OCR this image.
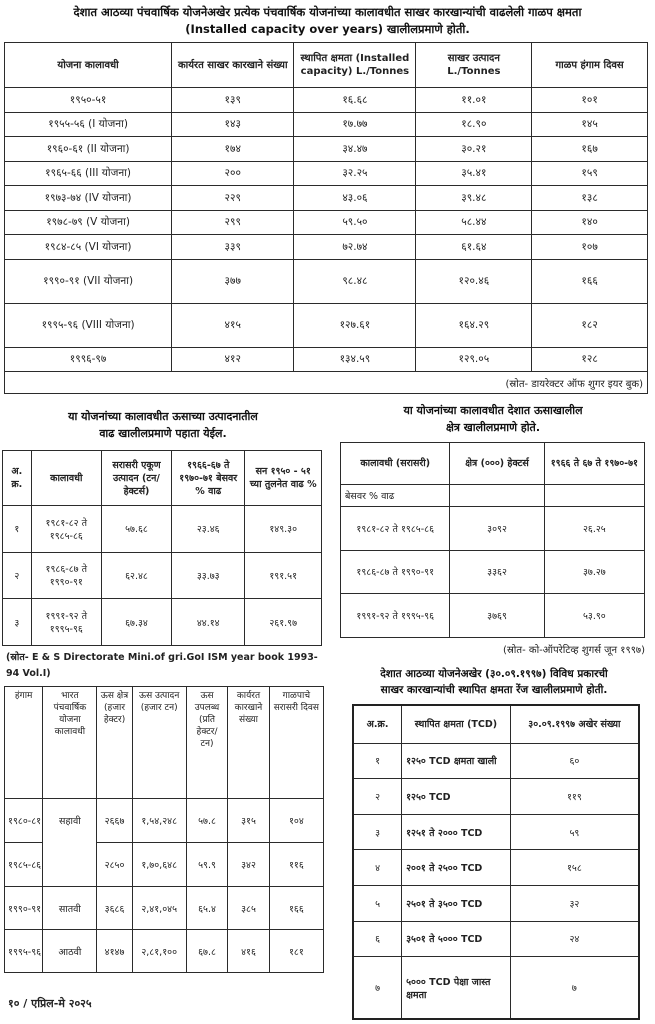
देशात आठव्या पंचवार्षिक योजनेअखेर प्रत्येक पंचवार्षिक योजनांच्या कालावधीत साखर कारखान्यांची वाढलेली गाळप क्षमता
(Installed capacity over years) खालीलप्रमाणे होती.
योजना कालावधी	कार्यरत साखर कारखाने संख्या	स्थापित क्षमता (Installed capacity) L./Tonnes	साखर उत्पादन L./Tonnes	गाळप हंगाम दिवस
१९५०-५१	१३९	१६.६८	११.०१	१०१
१९५५-५६ (I योजना)	१४३	१७.७७	१८.९०	१४५
१९६०-६१ (II योजना)	१७४	३४.४७	३०.२१	१६७
१९६५-६६ (III योजना)	२००	३२.२५	३५.४१	१५९
१९७३-७४ (IV योजना)	२२९	४३.०६	३९.४८	१३८
१९७८-७९ (V योजना)	२९९	५९.५०	५८.४४	१४०
१९८४-८५ (VI योजना)	३३९	७२.७४	६१.६४	१०७
१९९०-९१ (VII योजना)	३७७	९८.४८	१२०.४६	१६६
१९९५-९६ (VIII योजना)	४१५	१२७.६१	१६४.२९	१८२
१९९६-९७	४१२	१३४.५९	१२९.०५	१२८
(स्रोत- डायरेक्टर ऑफ शुगर इयर बुक)				
या योजनांच्या कालावधीत ऊसाच्या उत्पादनातील
वाढ खालीलप्रमाणे पहाता येईल.
अ. क्र.	कालावधी	सरासरी एकूण उत्पादन (टन/हेक्टर्स)	१९६६-६७ ते १९७०-७१ बेसवर % वाढ	सन १९५० - ५१ च्या तुलनेत वाढ %
१	१९८१-८२ ते १९८५-८६	५७.६८	२३.४६	१४९.३०
२	१९८६-८७ ते १९९०-९१	६२.४८	३३.७३	१९१.५१
३	१९९१-९२ ते १९९५-९६	६७.३४	४४.१४	२६१.९७
(स्रोत- E & S Directorate Mini.of gri.GoI ISM year book 1993-94 Vol.I)
या योजनांच्या कालावधीत देशात ऊसाखालील
क्षेत्र खालीलप्रमाणे होते.
कालावधी (सरासरी)	क्षेत्र (०००) हेक्टर्स	१९६६ ते ६७ ते १९७०-७१
बेसवर % वाढ		
१९८१-८२ ते १९८५-८६	३०९२	२६.२५
१९८६-८७ ते १९९०-९१	३३६२	३७.२७
१९९१-९२ ते १९९५-९६	३७६९	५३.९०
(स्रोत- को-ऑपरेटिव्ह शुगर्स जून १९९७)
हंगाम	भारत पंचवार्षिक योजना कालावधी	ऊस क्षेत्र (हजार हेक्टर)	ऊस उत्पादन (हजार टन)	ऊस उपलब्ध (प्रति हेक्टर/ टन)	कार्यरत कारखाने संख्या	गाळपाचे सरासरी दिवस
१९८०-८१	सहावी	२६६७	१,५४,२४८	५७.८	३१५	१०४
१९८५-८६		२८५०	१,७०,६४८	५९.९	३४२	११६
१९९०-९१	सातवी	३६८६	२,४१,०४५	६५.४	३८५	१६६
१९९५-९६	आठवी	४१४७	२,८१,१००	६७.८	४१६	१८१
देशात आठव्या योजनेअखेर (३०.०९.१९९७) विविध प्रकारची
साखर कारखान्यांची स्थापित क्षमता रेंज खालीलप्रमाणे होती.
अ.क्र.	स्थापित क्षमता (TCD)	३०.०९.१९९७ अखेर संख्या
१	१२५० TCD क्षमता खाली	६०
२	१२५० TCD	११९
३	१२५१ ते २००० TCD	५९
४	२००१ ते २५०० TCD	१५८
५	२५०१ ते ३५०० TCD	३२
६	३५०१ ते ५००० TCD	२४
७	५००० TCD पेक्षा जास्त क्षमता	७
१० / एप्रिल-मे २०२५
